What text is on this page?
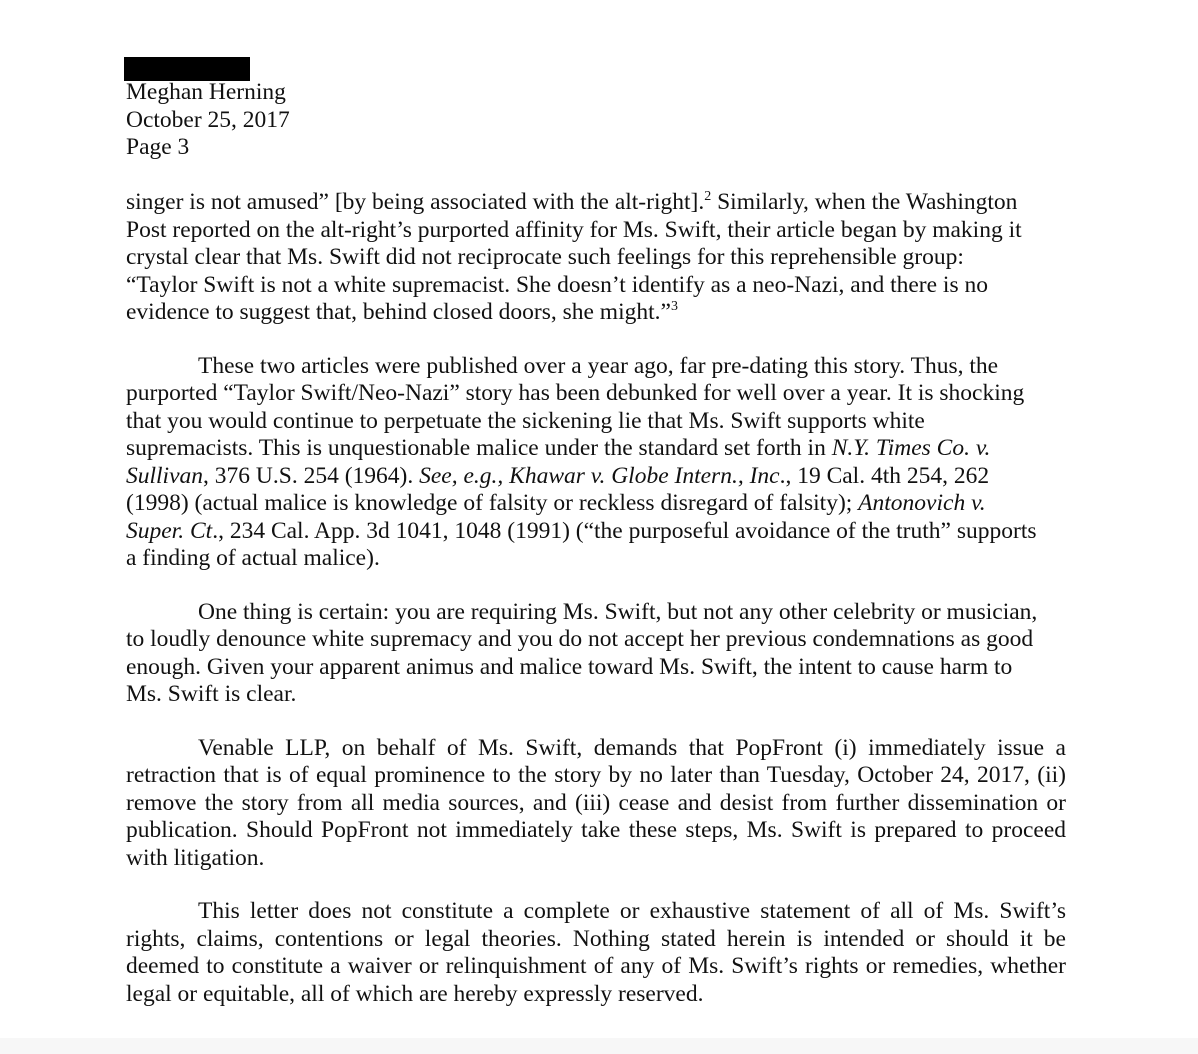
Meghan Herning
October 25, 2017
Page 3
singer is not amused” [by being associated with the alt-right].$^2$ Similarly, when the Washington
Post reported on the alt-right’s purported affinity for Ms. Swift, their article began by making it
crystal clear that Ms. Swift did not reciprocate such feelings for this reprehensible group:
“Taylor Swift is not a white supremacist. She doesn’t identify as a neo-Nazi, and there is no
evidence to suggest that, behind closed doors, she might.”$^3$
These two articles were published over a year ago, far pre-dating this story. Thus, the
purported “Taylor Swift/Neo-Nazi” story has been debunked for well over a year. It is shocking
that you would continue to perpetuate the sickening lie that Ms. Swift supports white
supremacists. This is unquestionable malice under the standard set forth in N.Y. Times Co. v.
Sullivan, 376 U.S. 254 (1964). See, e.g., Khawar v. Globe Intern., Inc., 19 Cal. 4th 254, 262
(1998) (actual malice is knowledge of falsity or reckless disregard of falsity); Antonovich v.
Super. Ct., 234 Cal. App. 3d 1041, 1048 (1991) (“the purposeful avoidance of the truth” supports
a finding of actual malice).
One thing is certain: you are requiring Ms. Swift, but not any other celebrity or musician,
to loudly denounce white supremacy and you do not accept her previous condemnations as good
enough. Given your apparent animus and malice toward Ms. Swift, the intent to cause harm to
Ms. Swift is clear.
Venable LLP, on behalf of Ms. Swift, demands that PopFront (i) immediately issue a
retraction that is of equal prominence to the story by no later than Tuesday, October 24, 2017, (ii)
remove the story from all media sources, and (iii) cease and desist from further dissemination or
publication. Should PopFront not immediately take these steps, Ms. Swift is prepared to proceed
with litigation.
This letter does not constitute a complete or exhaustive statement of all of Ms. Swift’s
rights, claims, contentions or legal theories. Nothing stated herein is intended or should it be
deemed to constitute a waiver or relinquishment of any of Ms. Swift’s rights or remedies, whether
legal or equitable, all of which are hereby expressly reserved.
